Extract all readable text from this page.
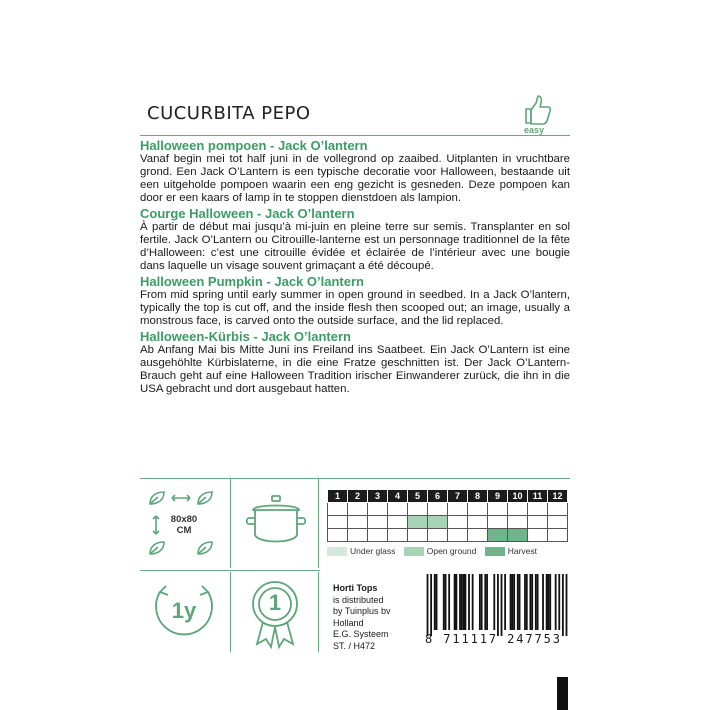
CUCURBITA PEPO
easy

Halloween pompoen - Jack O’lantern

Vanaf begin mei tot half juni in de vollegrond op zaaibed. Uitplanten in vruchtbare grond. Een Jack O’Lantern is een typische decoratie voor Halloween, bestaande uit een uitgeholde pompoen waarin een eng gezicht is gesneden. Deze pompoen kan door er een kaars of lamp in te stoppen dienstdoen als lampion.

Courge Halloween - Jack O’lantern

À partir de début mai jusqu’à mi-juin en pleine terre sur semis. Transplanter en sol fertile. Jack O’Lantern ou Citrouille-lanterne est un personnage traditionnel de la fête d’Halloween: c’est une citrouille évidée et éclairée de l’intérieur avec une bougie dans laquelle un visage souvent grimaçant a été découpé.

Halloween Pumpkin - Jack O’lantern

From mid spring until early summer in open ground in seedbed. In a Jack O’lantern, typically the top is cut off, and the inside flesh then scooped out; an image, usually a monstrous face, is carved onto the outside surface, and the lid replaced.

Halloween-Kürbis - Jack O’lantern

Ab Anfang Mai bis Mitte Juni ins Freiland ins Saatbeet. Ein Jack O’Lantern ist eine ausgehöhlte Kürbislaterne, in die eine Fratze geschnitten ist. Der Jack O’Lantern-Brauch geht auf eine Halloween Tradition irischer Einwanderer zurück, die ihn in die USA gebracht und dort ausgebaut hatten.

80x80
CM
1	2	3	4	5	6	7	8	9	10	11	12

Under glass	Open ground	Harvest
1y	1
Horti Tops
is distributed
by Tuinplus bv
Holland
E.G. Systeem
ST. / H472	8 711117 247753
